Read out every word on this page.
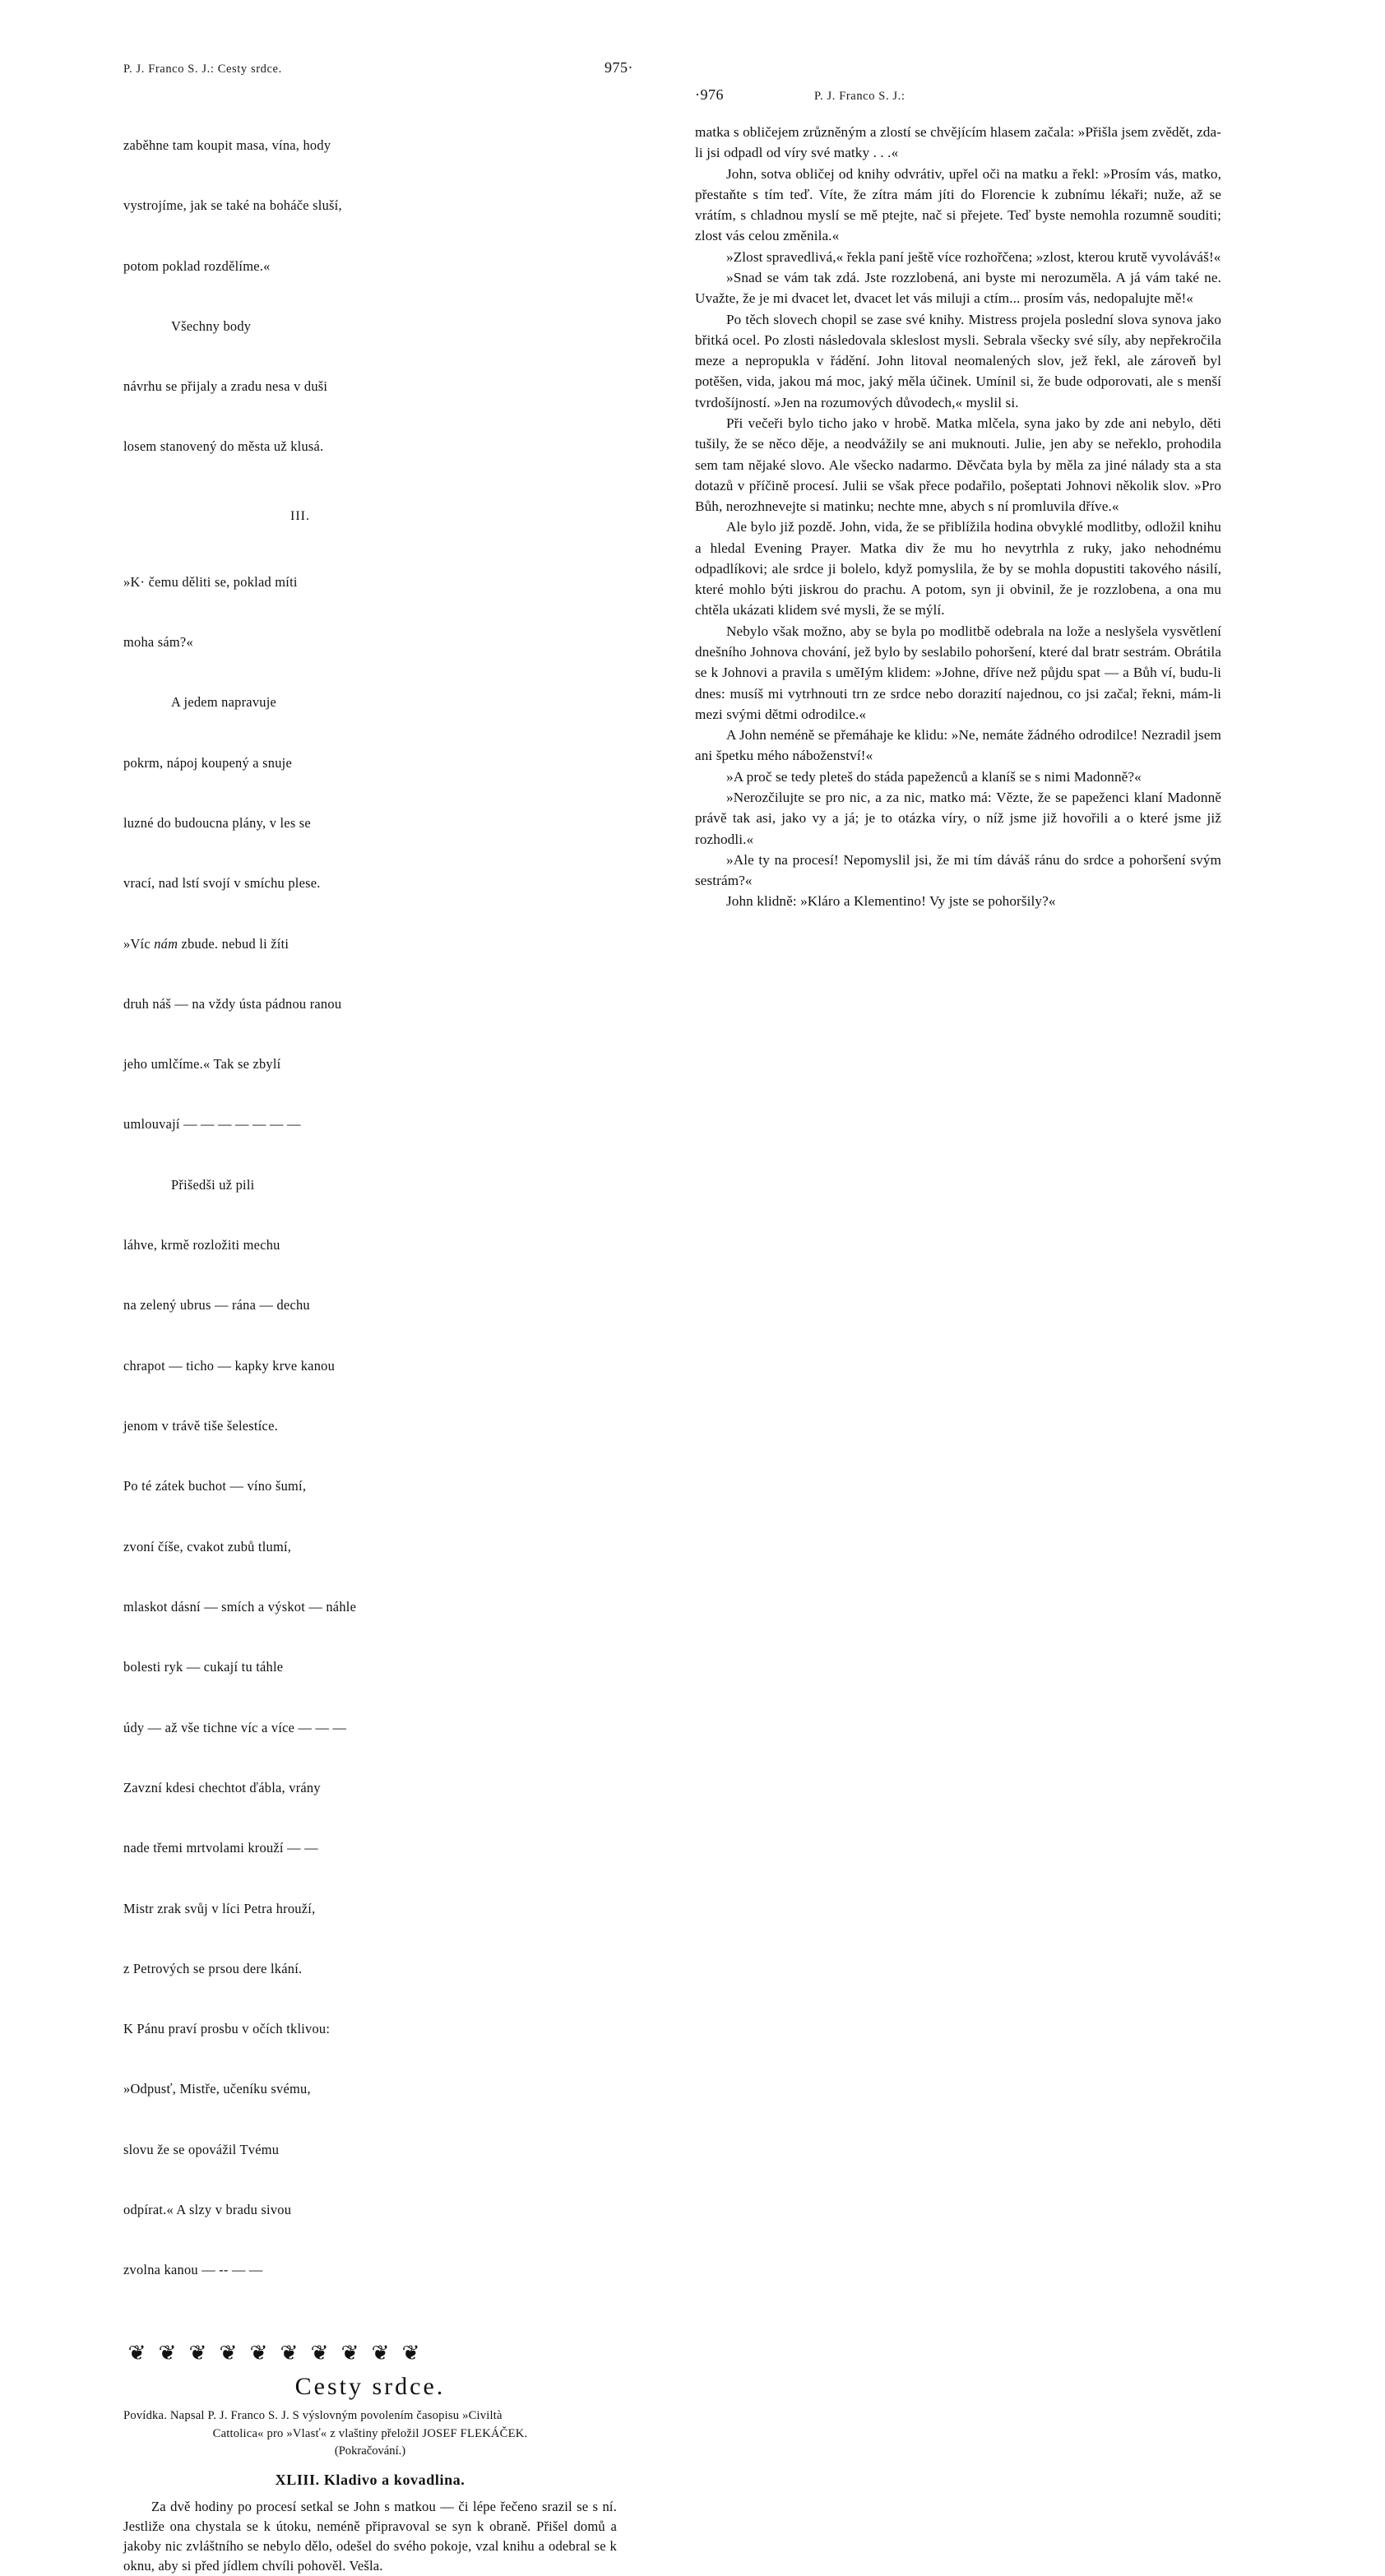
P. J. Franco S. J.: Cesty srdce.	975·
·976	P. J. Franco S. J.:

zaběhne tam koupit masa, vína, hody

vystrojíme, jak se také na boháče sluší,

potom poklad rozdělíme.«

Všechny body

návrhu se přijaly a zradu nesa v duši

losem stanovený do města už klusá.

III.

»K· čemu děliti se, poklad míti

moha sám?«

A jedem napravuje

pokrm, nápoj koupený a snuje

luzné do budoucna plány, v les se

vrací, nad lstí svojí v smíchu plese.

»Víc nám zbude. nebud li žíti

druh náš — na vždy ústa pádnou ranou

jeho umlčíme.« Tak se zbylí

umlouvají — — — — — — —

Přišedši už pili

láhve, krmě rozložiti mechu

na zelený ubrus — rána — dechu

chrapot — ticho — kapky krve kanou

jenom v trávě tiše šelestíce.

Po té zátek buchot — víno šumí,

zvoní číše, cvakot zubů tlumí,

mlaskot dásní — smích a výskot — náhle

bolesti ryk — cukají tu táhle

údy — až vše tichne víc a více — — —

Zavzní kdesi chechtot ďábla, vrány

nade třemi mrtvolami krouží — —

Mistr zrak svůj v líci Petra hrouží,

z Petrových se prsou dere lkání.

K Pánu praví prosbu v očích tklivou:

»Odpusť, Mistře, učeníku svému,

slovu že se opovážil Tvému

odpírat.« A slzy v bradu sivou

zvolna kanou — -- — —

❦ ❦ ❦ ❦ ❦ ❦ ❦ ❦ ❦ ❦
Cesty srdce.
Povídka. Napsal P. J. Franco S. J. S výslovným povolením časopisu »Civiltà
Cattolica« pro »Vlasť« z vlaštiny přeložil JOSEF FLEKÁČEK.
(Pokračování.)
XLIII. Kladivo a kovadlina.

Za dvě hodiny po procesí setkal se John s matkou — či lépe řečeno srazil se s ní. Jestliže ona chystala se k útoku, neméně připravoval se syn k obraně. Přišel domů a jakoby nic zvláštního se nebylo dělo, odešel do svého pokoje, vzal knihu a odebral se k oknu, aby si před jídlem chvíli pohověl. Vešla.

matka s obličejem zrůzněným a zlostí se chvějícím hlasem začala: »Přišla jsem zvědět, zda-li jsi odpadl od víry své matky . . .«

John, sotva obličej od knihy odvrátiv, upřel oči na matku a řekl: »Prosím vás, matko, přestaňte s tím teď. Víte, že zítra mám jíti do Florencie k zubnímu lékaři; nuže, až se vrátím, s chladnou myslí se mě ptejte, nač si přejete. Teď byste nemohla rozumně souditi; zlost vás celou změnila.«

»Zlost spravedlivá,« řekla paní ještě více rozhořčena; »zlost, kterou krutě vyvoláváš!«

»Snad se vám tak zdá. Jste rozzlobená, ani byste mi nerozuměla. A já vám také ne. Uvažte, že je mi dvacet let, dvacet let vás miluji a ctím... prosím vás, nedopalujte mě!«

Po těch slovech chopil se zase své knihy. Mistress projela poslední slova synova jako břitká ocel. Po zlosti následovala skleslost mysli. Sebrala všecky své síly, aby nepřekročila meze a nepropukla v řádění. John litoval neomalených slov, jež řekl, ale zároveň byl potěšen, vida, jakou má moc, jaký měla účinek. Umínil si, že bude odporovati, ale s menší tvrdošíjností. »Jen na rozumových důvodech,« myslil si.

Při večeři bylo ticho jako v hrobě. Matka mlčela, syna jako by zde ani nebylo, děti tušily, že se něco děje, a neodvážily se ani muknouti. Julie, jen aby se neřeklo, prohodila sem tam nějaké slovo. Ale všecko nadarmo. Děvčata byla by měla za jiné nálady sta a sta dotazů v příčině procesí. Julii se však přece podařilo, pošeptati Johnovi několik slov. »Pro Bůh, nerozhnevejte si matinku; nechte mne, abych s ní promluvila dříve.«

Ale bylo již pozdě. John, vida, že se přiblížila hodina obvyklé modlitby, odložil knihu a hledal Evening Prayer. Matka div že mu ho nevytrhla z ruky, jako nehodnému odpadlíkovi; ale srdce ji bolelo, když pomyslila, že by se mohla dopustiti takového násilí, které mohlo býti jiskrou do prachu. A potom, syn ji obvinil, že je rozzlobena, a ona mu chtěla ukázati klidem své mysli, že se mýlí.

Nebylo však možno, aby se byla po modlitbě odebrala na lože a neslyšela vysvětlení dnešního Johnova chování, jež bylo by seslabilo pohoršení, které dal bratr sestrám. Obrátila se k Johnovi a pravila s uměIým klidem: »Johne, dříve než půjdu spat — a Bůh ví, budu-li dnes: musíš mi vytrhnouti trn ze srdce nebo dorazití najednou, co jsi začal; řekni, mám-li mezi svými dětmi odrodilce.«

A John neméně se přemáhaje ke klidu: »Ne, nemáte žádného odrodilce! Nezradil jsem ani špetku mého náboženství!«

»A proč se tedy pleteš do stáda papeženců a klaníš se s nimi Madonně?«

»Nerozčilujte se pro nic, a za nic, matko má: Vězte, že se papeženci klaní Madonně právě tak asi, jako vy a já; je to otázka víry, o níž jsme již hovořili a o které jsme již rozhodli.«

»Ale ty na procesí! Nepomyslil jsi, že mi tím dáváš ránu do srdce a pohoršení svým sestrám?«

John klidně: »Kláro a Klementino! Vy jste se pohoršily?«
